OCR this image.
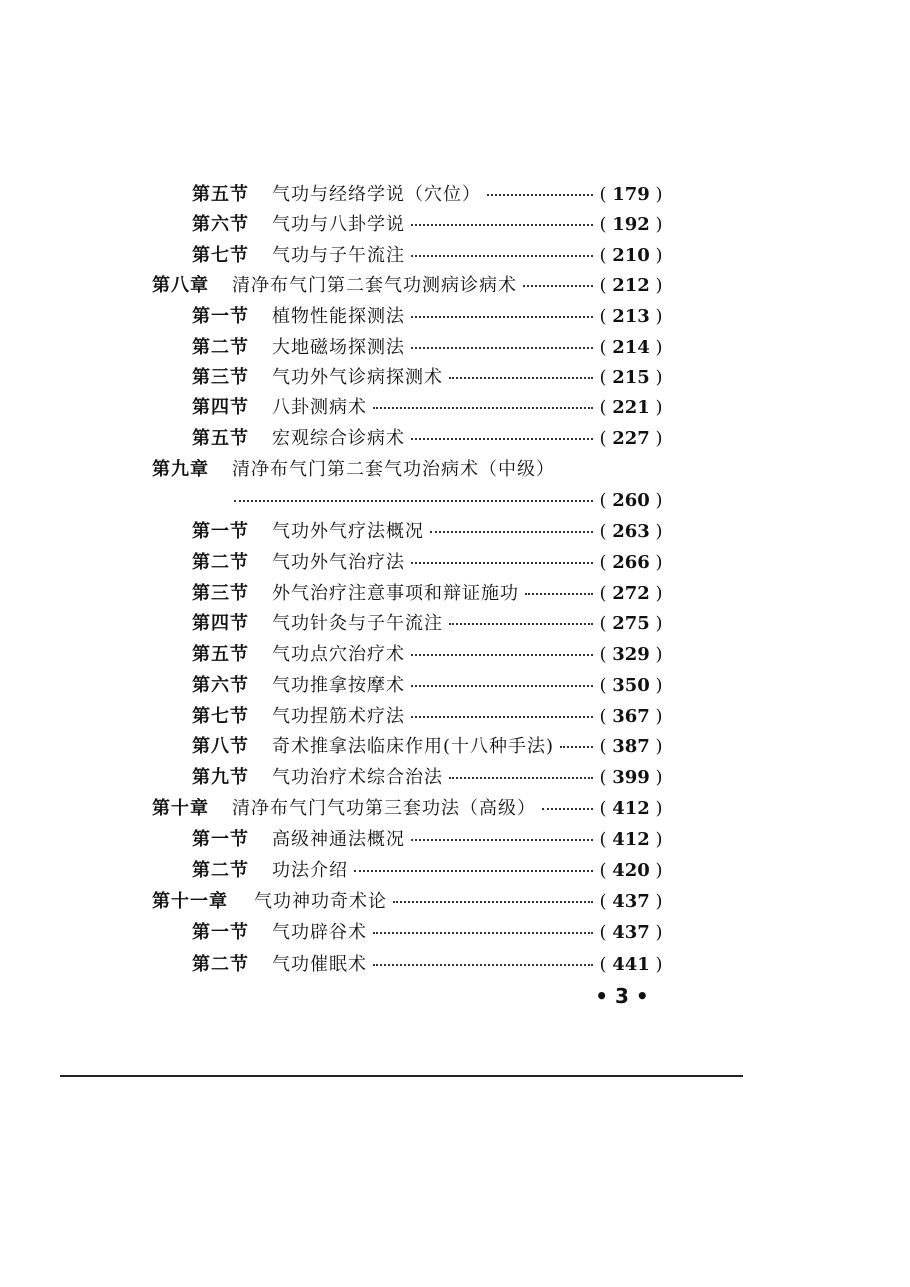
第五节 气功与经络学说（穴位）	( 179 )
第六节 气功与八卦学说	( 192 )
第七节 气功与子午流注	( 210 )
第八章 清净布气门第二套气功测病诊病术	( 212 )
第一节 植物性能探测法	( 213 )
第二节 大地磁场探测法	( 214 )
第三节 气功外气诊病探测术	( 215 )
第四节 八卦测病术	( 221 )
第五节 宏观综合诊病术	( 227 )
第九章 清净布气门第二套气功治病术（中级）
( 260 )
第一节 气功外气疗法概况	( 263 )
第二节 气功外气治疗法	( 266 )
第三节 外气治疗注意事项和辩证施功	( 272 )
第四节 气功针灸与子午流注	( 275 )
第五节 气功点穴治疗术	( 329 )
第六节 气功推拿按摩术	( 350 )
第七节 气功捏筋术疗法	( 367 )
第八节 奇术推拿法临床作用(十八种手法)	( 387 )
第九节 气功治疗术综合治法	( 399 )
第十章 清净布气门气功第三套功法（高级）	( 412 )
第一节 高级神通法概况	( 412 )
第二节 功法介绍	( 420 )
第十一章 气功神功奇术论	( 437 )
第一节 气功辟谷术	( 437 )
第二节 气功催眠术	( 441 )
• 3 •
